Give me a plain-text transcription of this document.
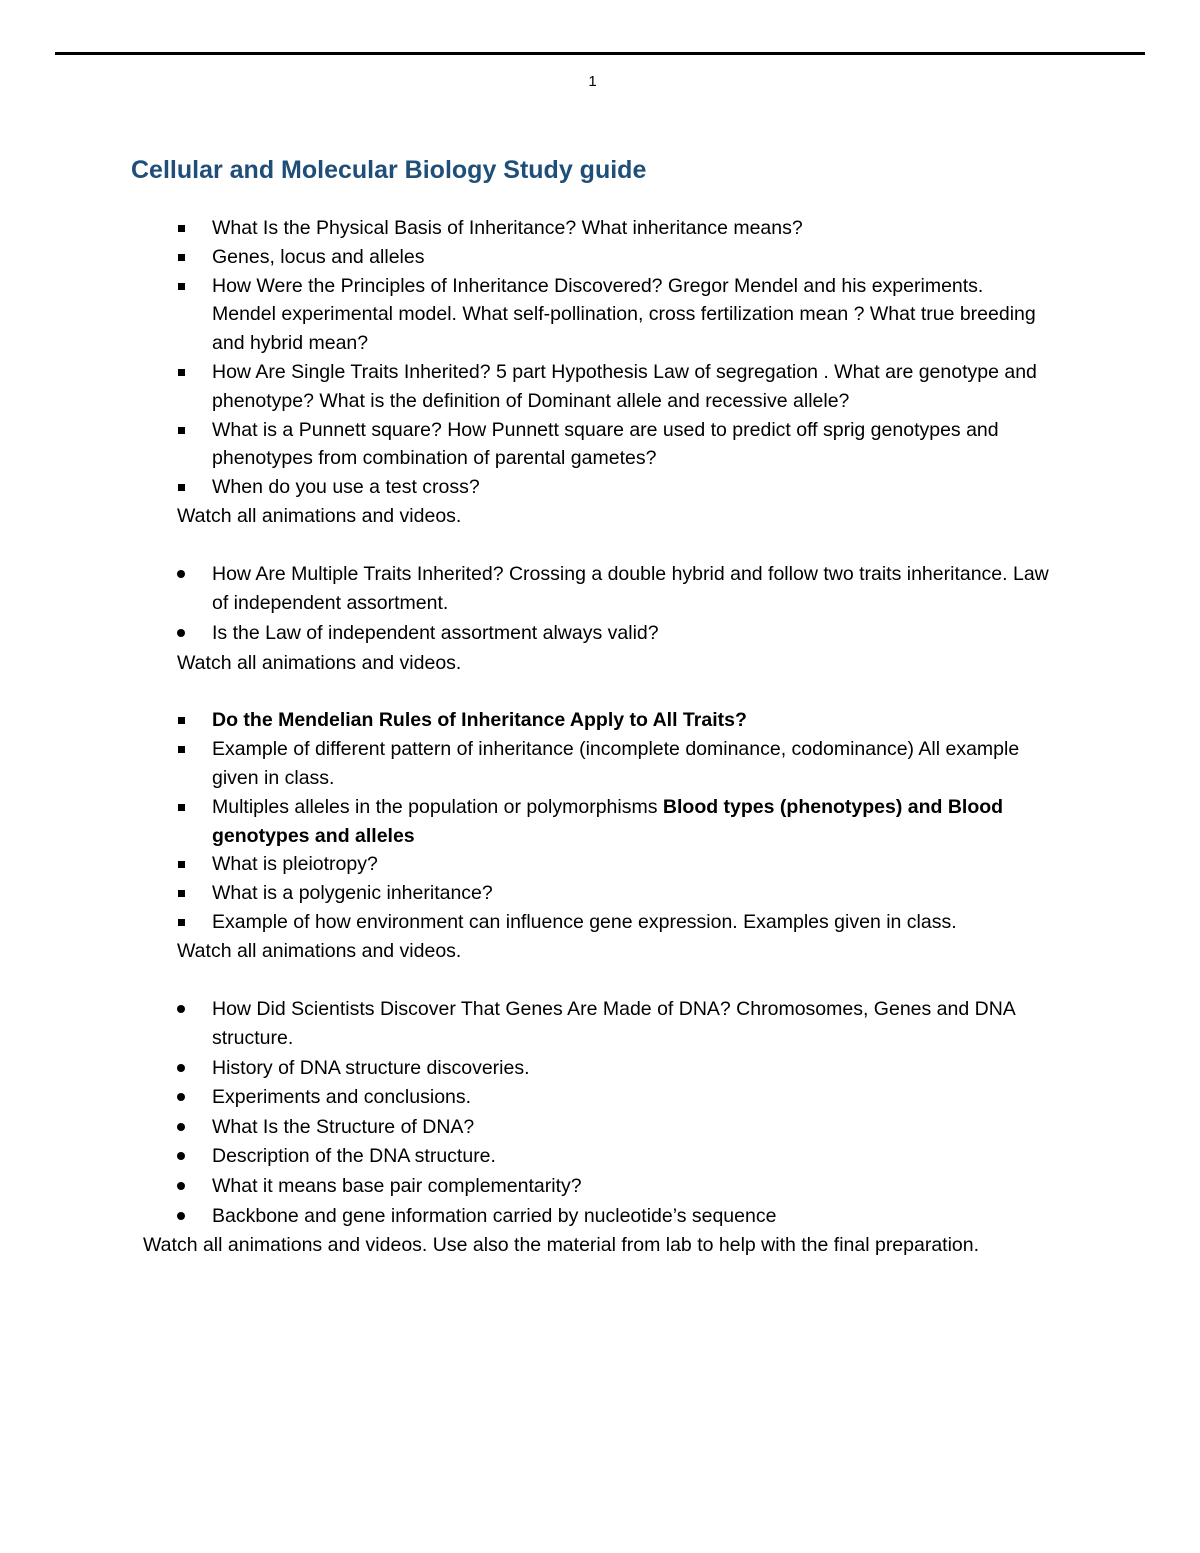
1
Cellular and Molecular Biology Study guide
What Is the Physical Basis of Inheritance? What inheritance means?
Genes, locus and alleles
How Were the Principles of Inheritance Discovered? Gregor Mendel and his experiments. Mendel experimental model. What self-pollination, cross fertilization mean ? What true breeding and hybrid mean?
How Are Single Traits Inherited? 5 part Hypothesis Law of segregation . What are genotype and phenotype? What is the definition of Dominant allele and recessive allele?
What is a Punnett square? How Punnett square are used to predict off sprig genotypes and phenotypes from combination of parental gametes?
When do you use a test cross?

Watch all animations and videos.

How Are Multiple Traits Inherited? Crossing a double hybrid and follow two traits inheritance. Law of independent assortment.
Is the Law of independent assortment always valid?

Watch all animations and videos.

Do the Mendelian Rules of Inheritance Apply to All Traits?
Example of different pattern of inheritance (incomplete dominance, codominance) All example given in class.
Multiples alleles in the population or polymorphisms Blood types (phenotypes) and Blood genotypes and alleles
What is pleiotropy?
What is a polygenic inheritance?
Example of how environment can influence gene expression. Examples given in class.

Watch all animations and videos.

How Did Scientists Discover That Genes Are Made of DNA? Chromosomes, Genes and DNA structure.
History of DNA structure discoveries.
Experiments and conclusions.
What Is the Structure of DNA?
Description of the DNA structure.
What it means base pair complementarity?
Backbone and gene information carried by nucleotide’s sequence

Watch all animations and videos. Use also the material from lab to help with the final preparation.
